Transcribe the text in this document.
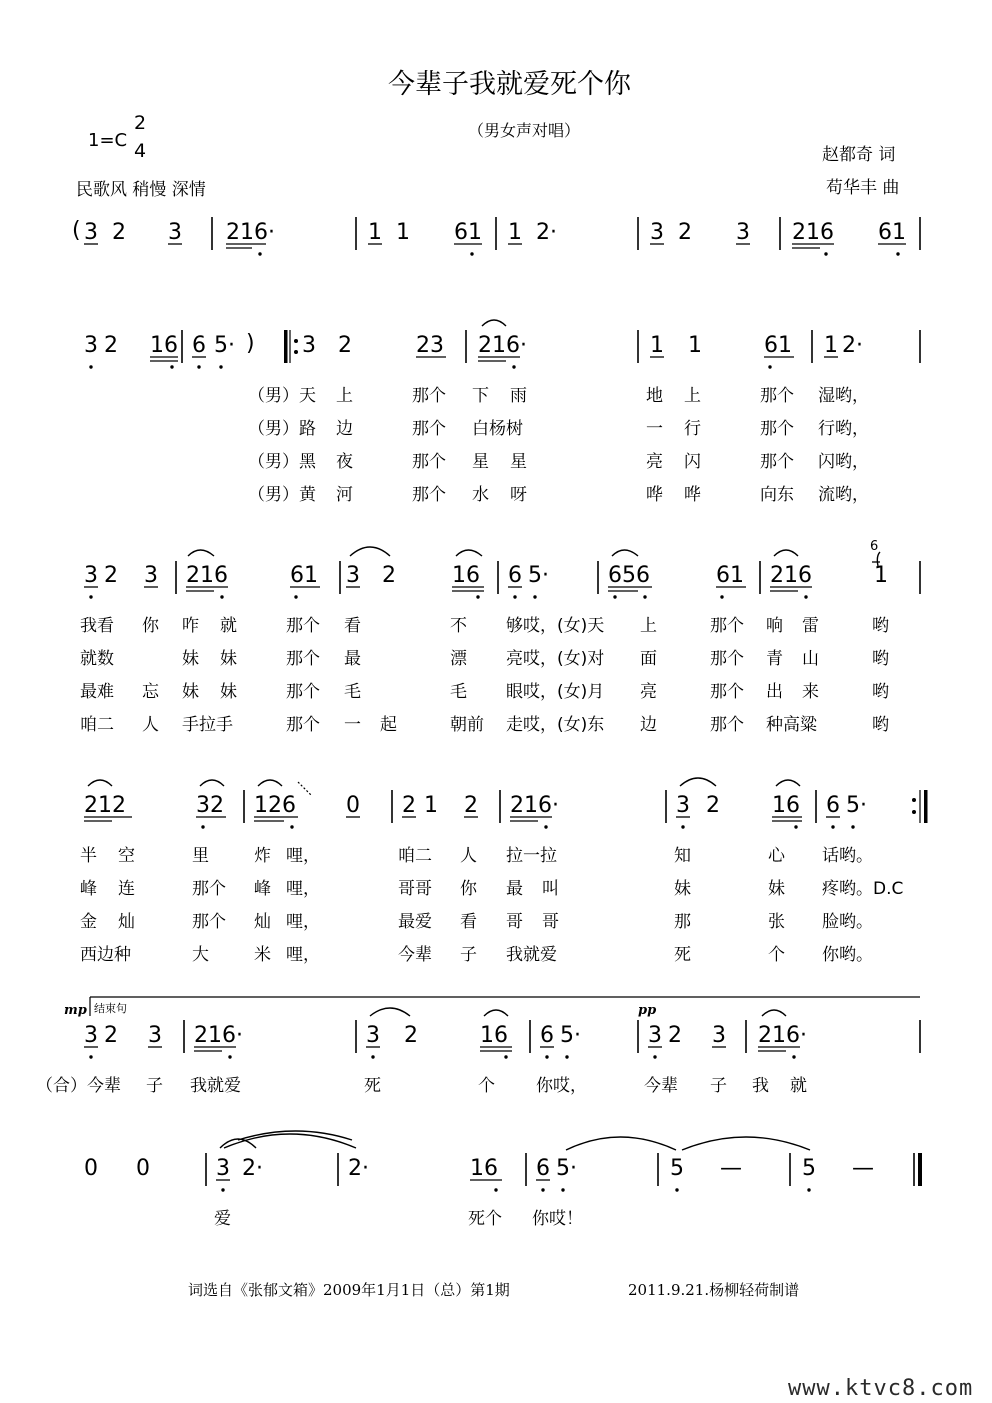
今辈子我就爱死个你
（男女声对唱）
1=C
2
4
民歌风 稍慢 深情
赵都奇 词
苟华丰 曲
( 3 2 3 216·	1 1 61 1 2·	3 2 3 216 61
3 2 16 6 5· ) 3 2	23 216·	1 1	61 1 2·
（男）天 上	那个 下 雨	地 上	那个 湿哟，
（男）路 边	那个 白杨树	一 行	那个 行哟，
（男）黑 夜	那个 星 星	亮 闪	那个 闪哟，
（男）黄 河	那个 水 呀	哗 哗	向东 流哟，
3 2 3 216	61 3 2	16 6 5·	656	61 216	1
6
我看 你 咋 就	那个 看	不 够哎，(女)天 上	那个 响 雷	哟
就数	妹 妹	那个 最	漂 亮哎，(女)对 面	那个 青 山	哟
最难 忘 妹 妹	那个 毛	毛 眼哎，(女)月 亮	那个 出 来	哟
咱二 人 手拉手	那个 一 起	朝前 走哎，(女)东 边	那个 种高粱	哟
212	32 126 0 2 1 2 216·	3 2 16 6 5·
半 空	里	炸 哩，	咱二 人 拉一拉	知	心 话哟。
峰 连	那个 峰 哩，	哥哥 你 最 叫	妹	妹 疼哟。D.C
金 灿	那个 灿 哩，	最爱 看 哥 哥	那	张 脸哟。
西边种	大	米 哩，	今辈 子 我就爱	死	个 你哟。
mp 结束句	pp
3 2 3 216·	3 2	16 6 5·	3 2 3 216·
（合）今辈 子 我就爱	死	个 你哎，	今辈 子 我 就
0 0	3 2·	2·	16 6 5·	5 —	5 —
爱	死个 你哎！
词选自《张郁文箱》2009年1月1日（总）第1期	2011.9.21.杨柳轻荷制谱
www.ktvc8.com
